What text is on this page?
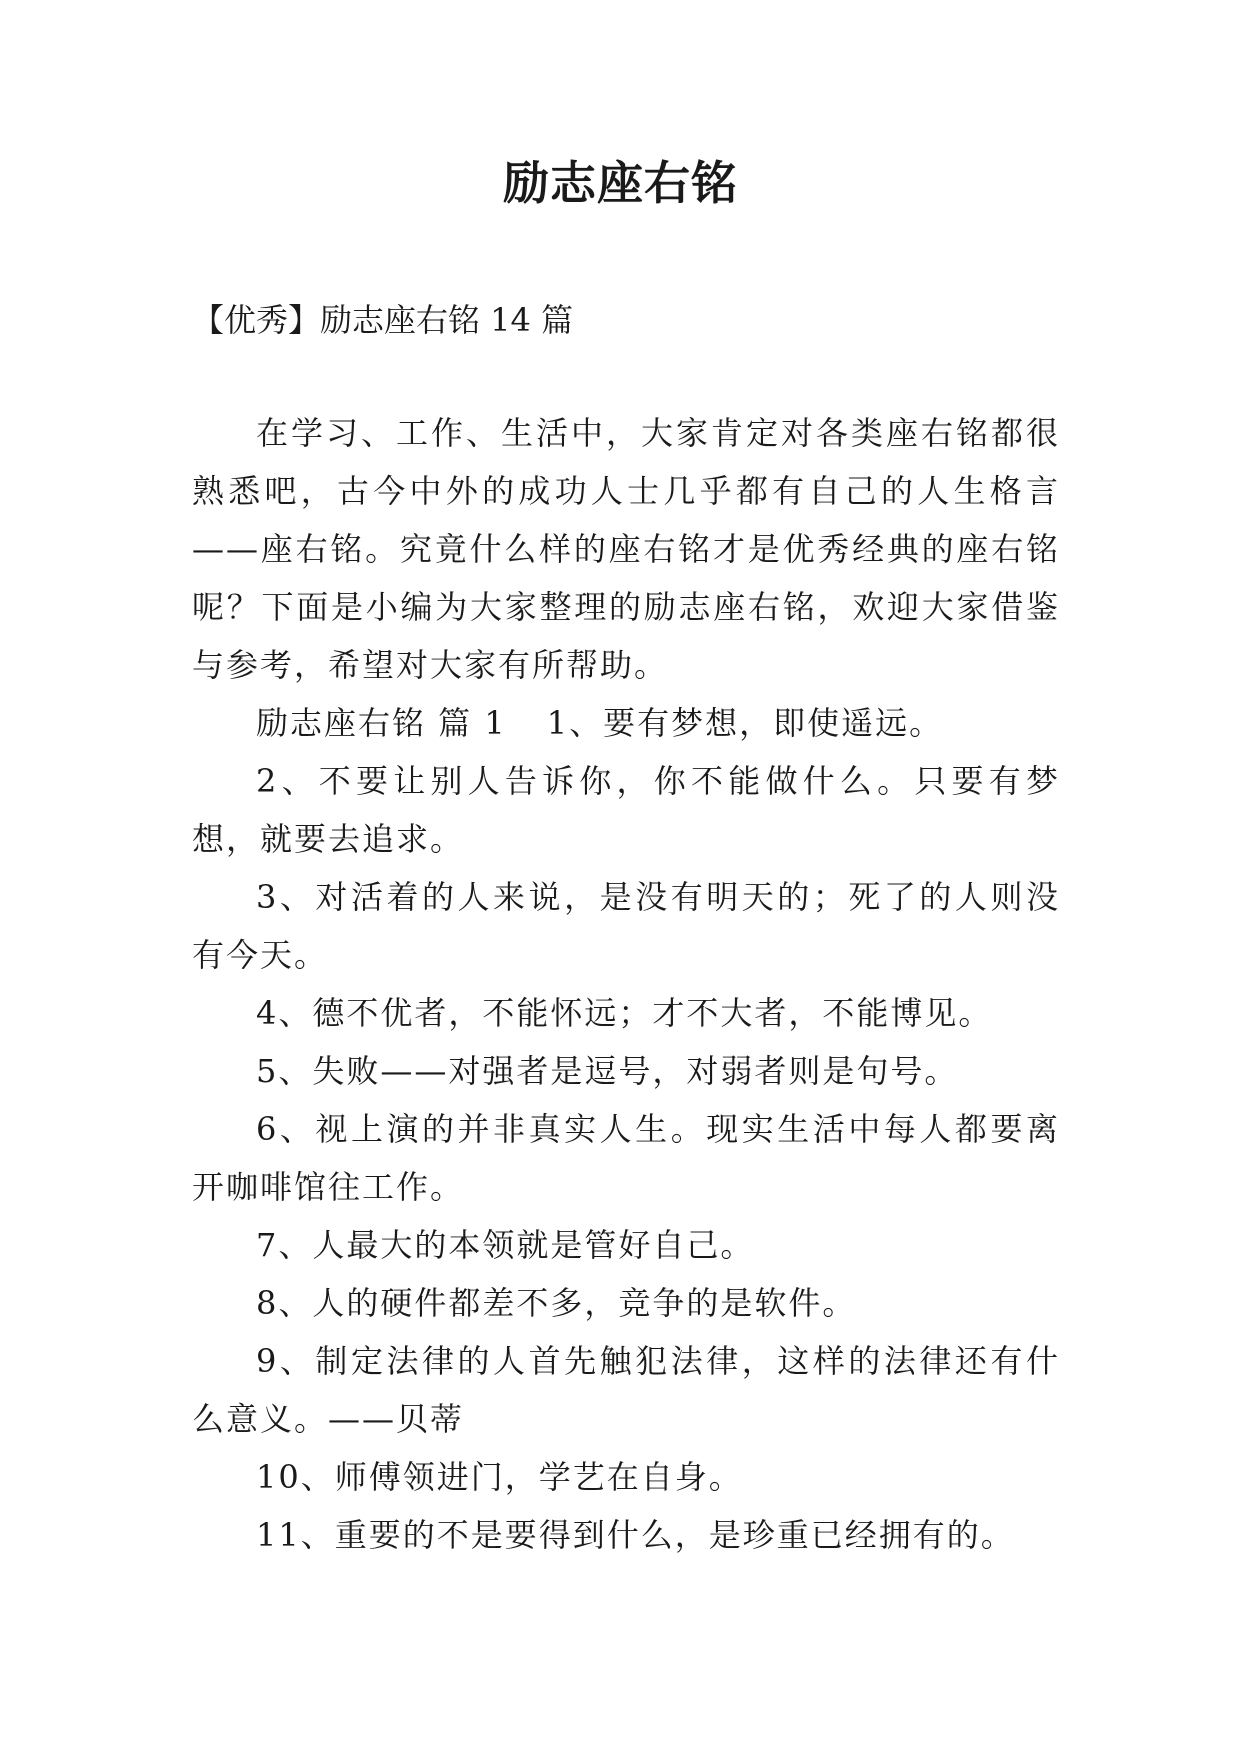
励志座右铭

【优秀】励志座右铭 14 篇

在学习、工作、生活中，大家肯定对各类座右铭都很熟悉吧，古今中外的成功人士几乎都有自己的人生格言——座右铭。究竟什么样的座右铭才是优秀经典的座右铭呢？下面是小编为大家整理的励志座右铭，欢迎大家借鉴与参考，希望对大家有所帮助。

励志座右铭 篇 1 1、要有梦想，即使遥远。

2、不要让别人告诉你，你不能做什么。只要有梦想，就要去追求。

3、对活着的人来说，是没有明天的；死了的人则没有今天。

4、德不优者，不能怀远；才不大者，不能博见。

5、失败——对强者是逗号，对弱者则是句号。

6、视上演的并非真实人生。现实生活中每人都要离开咖啡馆往工作。

7、人最大的本领就是管好自己。

8、人的硬件都差不多，竞争的是软件。

9、制定法律的人首先触犯法律，这样的法律还有什么意义。——贝蒂

10、师傅领进门，学艺在自身。

11、重要的不是要得到什么，是珍重已经拥有的。
